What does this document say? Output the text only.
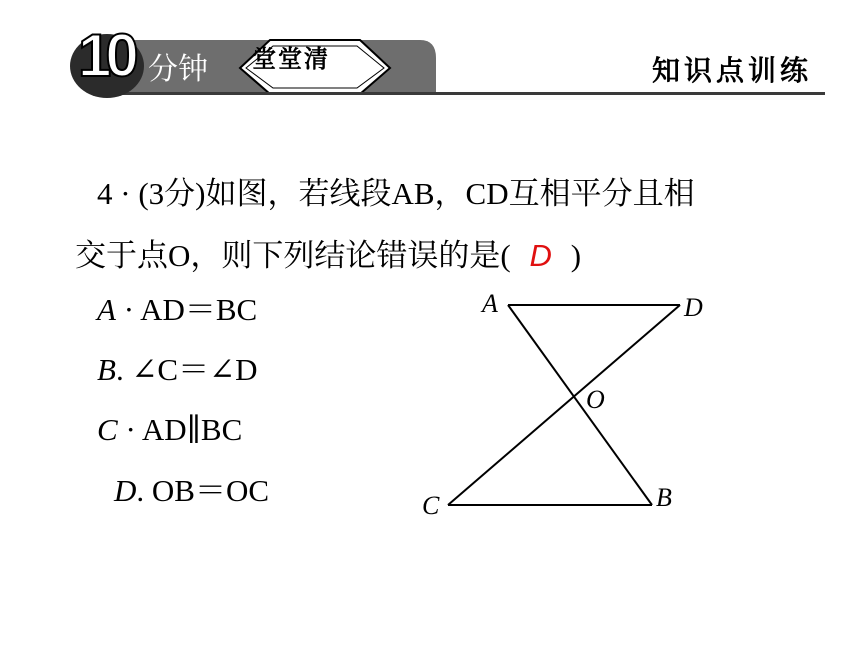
10 分钟 堂堂清	知识点训练
4 · (3分)如图，若线段AB，CD互相平分且相
交于点O，则下列结论错误的是( D )
A · AD＝BC
B. ∠C＝∠D
C · AD∥BC
D. OB＝OC
A	D
O
C	B
